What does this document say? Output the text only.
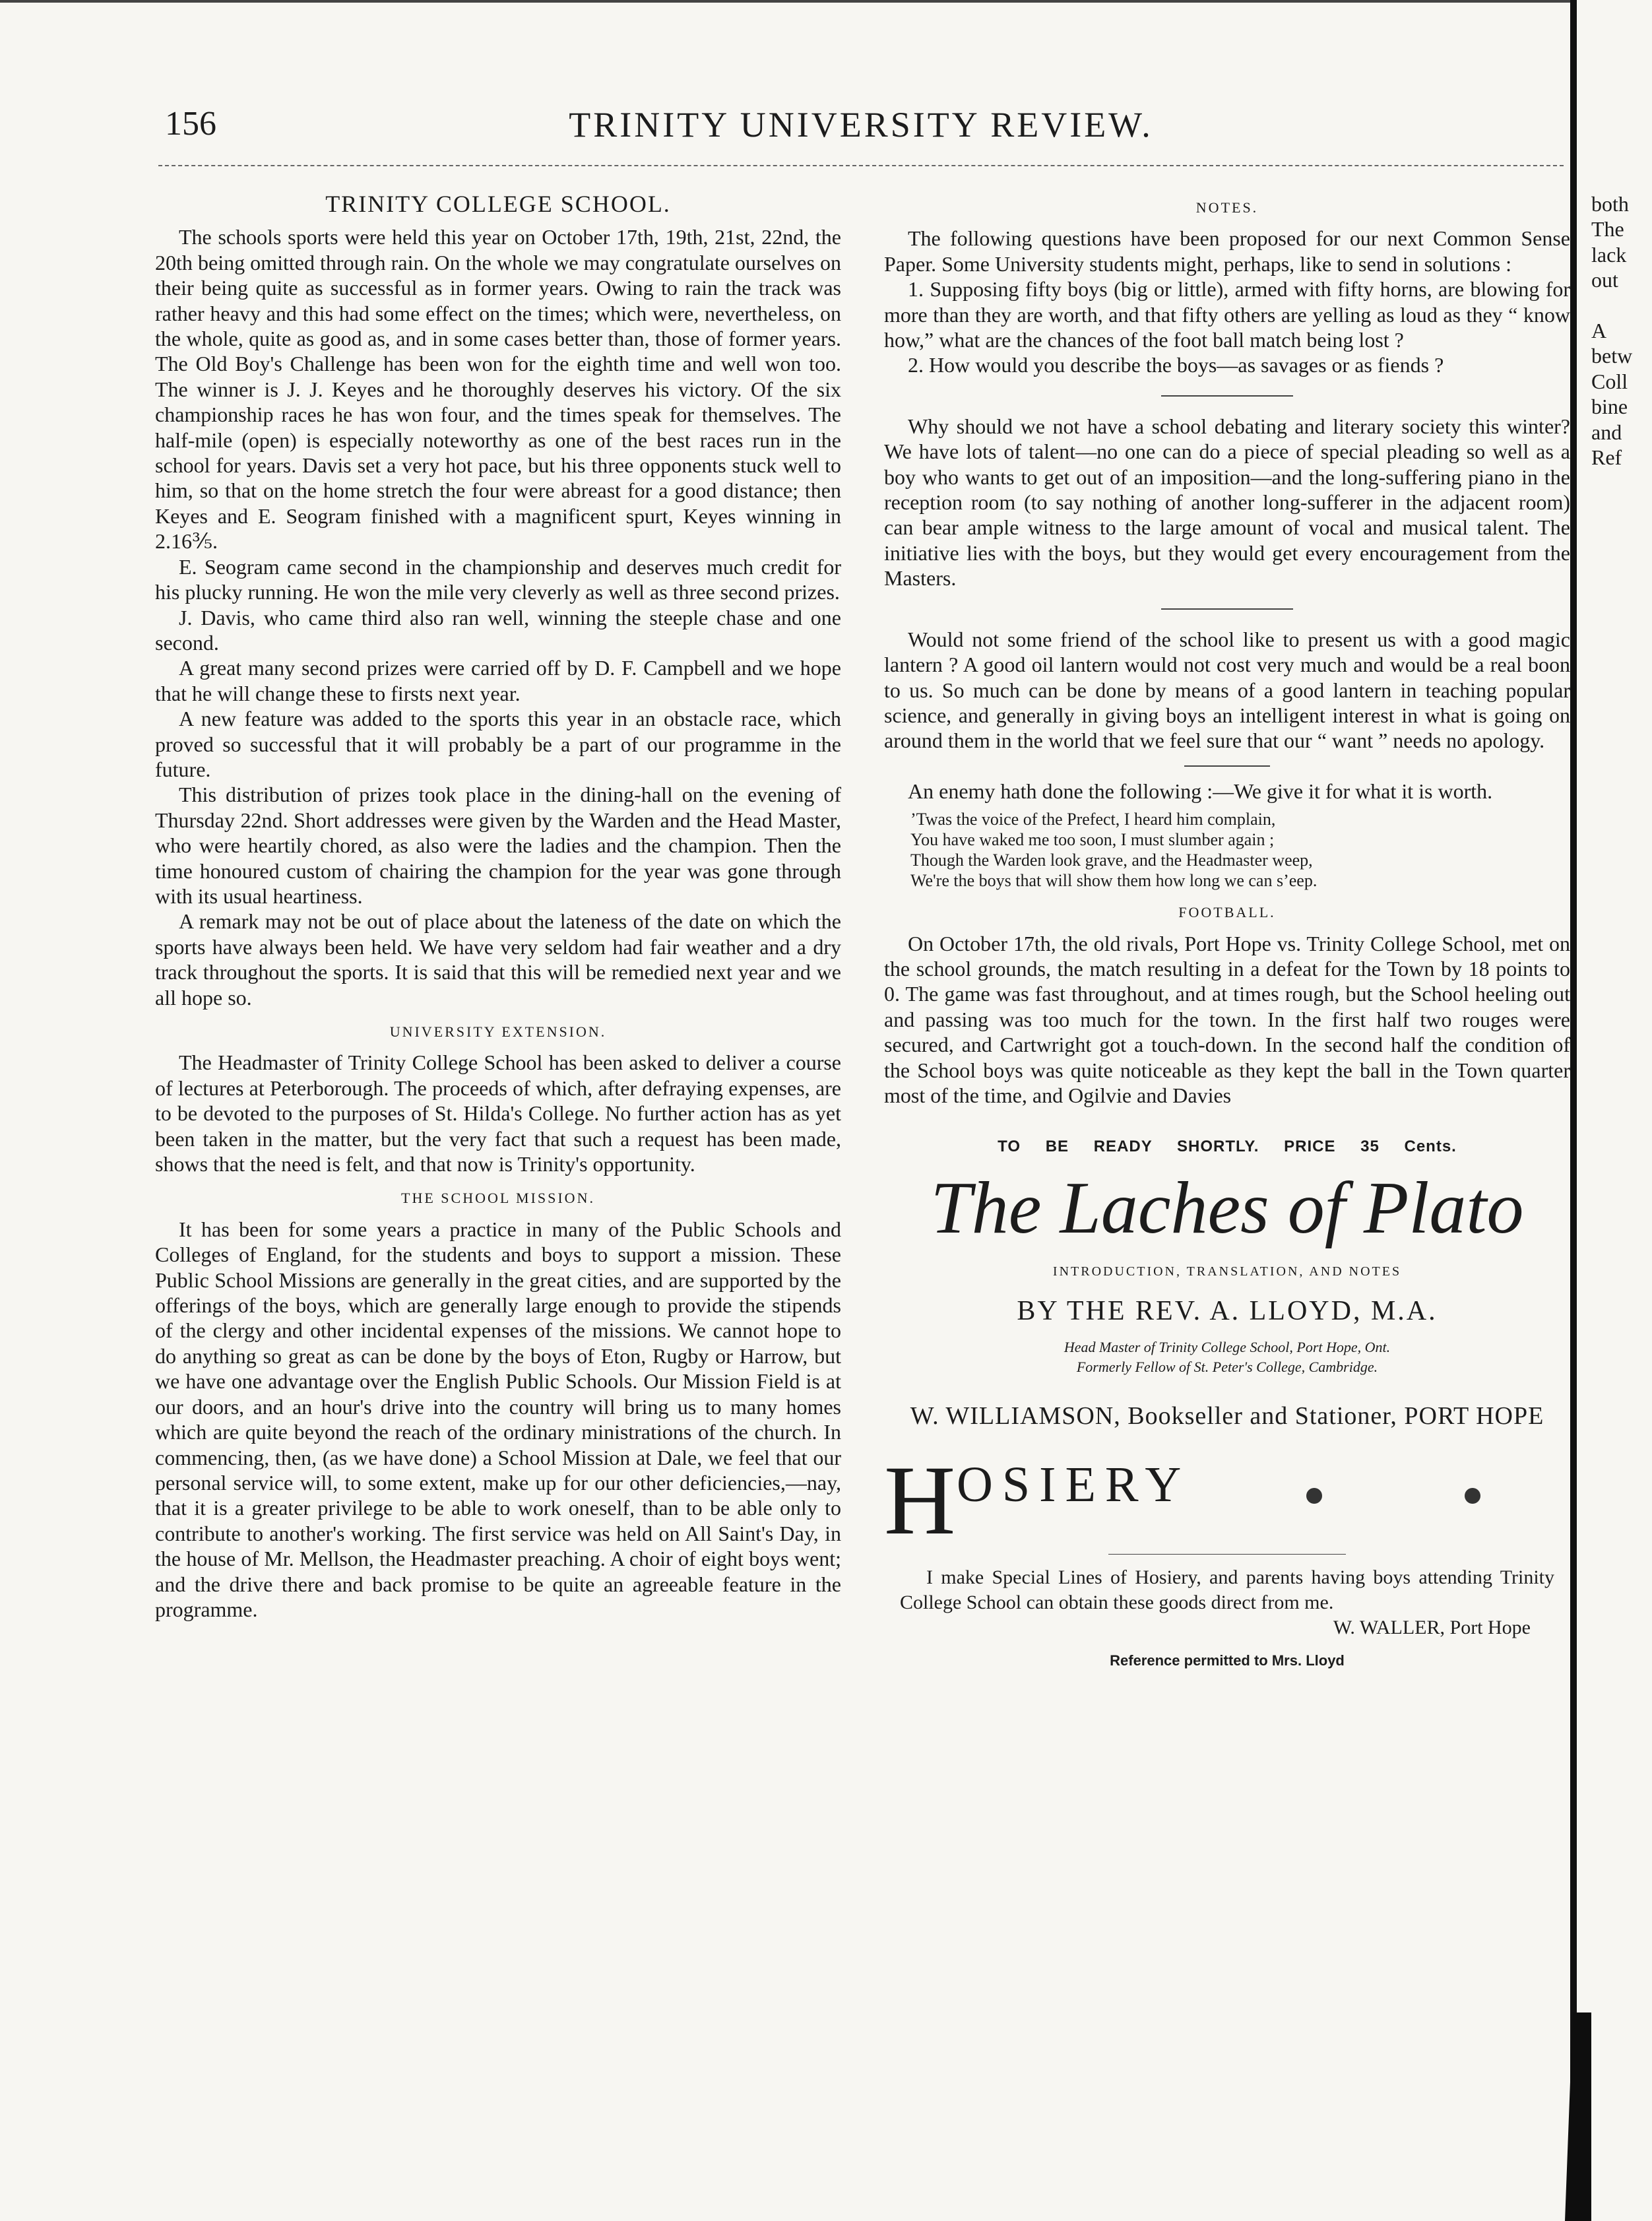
156	TRINITY UNIVERSITY REVIEW.
TRINITY COLLEGE SCHOOL.

The schools sports were held this year on October 17th, 19th, 21st, 22nd, the 20th being omitted through rain. On the whole we may congratulate ourselves on their being quite as successful as in former years. Owing to rain the track was rather heavy and this had some effect on the times; which were, nevertheless, on the whole, quite as good as, and in some cases better than, those of former years. The Old Boy's Challenge has been won for the eighth time and well won too. The winner is J. J. Keyes and he thoroughly deserves his victory. Of the six championship races he has won four, and the times speak for themselves. The half-mile (open) is especially noteworthy as one of the best races run in the school for years. Davis set a very hot pace, but his three opponents stuck well to him, so that on the home stretch the four were abreast for a good distance; then Keyes and E. Seogram finished with a magnificent spurt, Keyes winning in 2.16⅗.

E. Seogram came second in the championship and deserves much credit for his plucky running. He won the mile very cleverly as well as three second prizes.

J. Davis, who came third also ran well, winning the steeple chase and one second.

A great many second prizes were carried off by D. F. Campbell and we hope that he will change these to firsts next year.

A new feature was added to the sports this year in an obstacle race, which proved so successful that it will probably be a part of our programme in the future.

This distribution of prizes took place in the dining-hall on the evening of Thursday 22nd. Short addresses were given by the Warden and the Head Master, who were heartily chored, as also were the ladies and the champion. Then the time honoured custom of chairing the champion for the year was gone through with its usual heartiness.

A remark may not be out of place about the lateness of the date on which the sports have always been held. We have very seldom had fair weather and a dry track throughout the sports. It is said that this will be remedied next year and we all hope so.

UNIVERSITY EXTENSION.

The Headmaster of Trinity College School has been asked to deliver a course of lectures at Peterborough. The proceeds of which, after defraying expenses, are to be devoted to the purposes of St. Hilda's College. No further action has as yet been taken in the matter, but the very fact that such a request has been made, shows that the need is felt, and that now is Trinity's opportunity.

THE SCHOOL MISSION.

It has been for some years a practice in many of the Public Schools and Colleges of England, for the students and boys to support a mission. These Public School Missions are generally in the great cities, and are supported by the offerings of the boys, which are generally large enough to provide the stipends of the clergy and other incidental expenses of the missions. We cannot hope to do anything so great as can be done by the boys of Eton, Rugby or Harrow, but we have one advantage over the English Public Schools. Our Mission Field is at our doors, and an hour's drive into the country will bring us to many homes which are quite beyond the reach of the ordinary ministrations of the church. In commencing, then, (as we have done) a School Mission at Dale, we feel that our personal service will, to some extent, make up for our other deficiencies,—nay, that it is a greater privilege to be able to work oneself, than to be able only to contribute to another's working. The first service was held on All Saint's Day, in the house of Mr. Mellson, the Headmaster preaching. A choir of eight boys went; and the drive there and back promise to be quite an agreeable feature in the programme.

NOTES.

The following questions have been proposed for our next Common Sense Paper. Some University students might, perhaps, like to send in solutions :

1. Supposing fifty boys (big or little), armed with fifty horns, are blowing for more than they are worth, and that fifty others are yelling as loud as they “ know how,” what are the chances of the foot ball match being lost ?

2. How would you describe the boys—as savages or as fiends ?

Why should we not have a school debating and literary society this winter? We have lots of talent—no one can do a piece of special pleading so well as a boy who wants to get out of an imposition—and the long-suffering piano in the reception room (to say nothing of another long-sufferer in the adjacent room) can bear ample witness to the large amount of vocal and musical talent. The initiative lies with the boys, but they would get every encouragement from the Masters.

Would not some friend of the school like to present us with a good magic lantern ? A good oil lantern would not cost very much and would be a real boon to us. So much can be done by means of a good lantern in teaching popular science, and generally in giving boys an intelligent interest in what is going on around them in the world that we feel sure that our “ want ” needs no apology.

An enemy hath done the following :—We give it for what it is worth.

’Twas the voice of the Prefect, I heard him complain,
You have waked me too soon, I must slumber again ;
Though the Warden look grave, and the Headmaster weep,
We're the boys that will show them how long we can s’eep.
FOOTBALL.

On October 17th, the old rivals, Port Hope vs. Trinity College School, met on the school grounds, the match resulting in a defeat for the Town by 18 points to 0. The game was fast throughout, and at times rough, but the School heeling out and passing was too much for the town. In the first half two rouges were secured, and Cartwright got a touch-down. In the second half the condition of the School boys was quite noticeable as they kept the ball in the Town quarter most of the time, and Ogilvie and Davies

TO BE READY SHORTLY. PRICE 35 Cents.
The Laches of Plato
INTRODUCTION, TRANSLATION, AND NOTES
BY THE REV. A. LLOYD, M.A.
Head Master of Trinity College School, Port Hope, Ont.
Formerly Fellow of St. Peter's College, Cambridge.
W. WILLIAMSON, Bookseller and Stationer, PORT HOPE
H OSIERY
I make Special Lines of Hosiery, and parents having boys attending Trinity College School can obtain these goods direct from me.
W. WALLER, Port Hope
Reference permitted to Mrs. Lloyd
both
The
lack
out
A
betw
Coll
bine
and
Ref
